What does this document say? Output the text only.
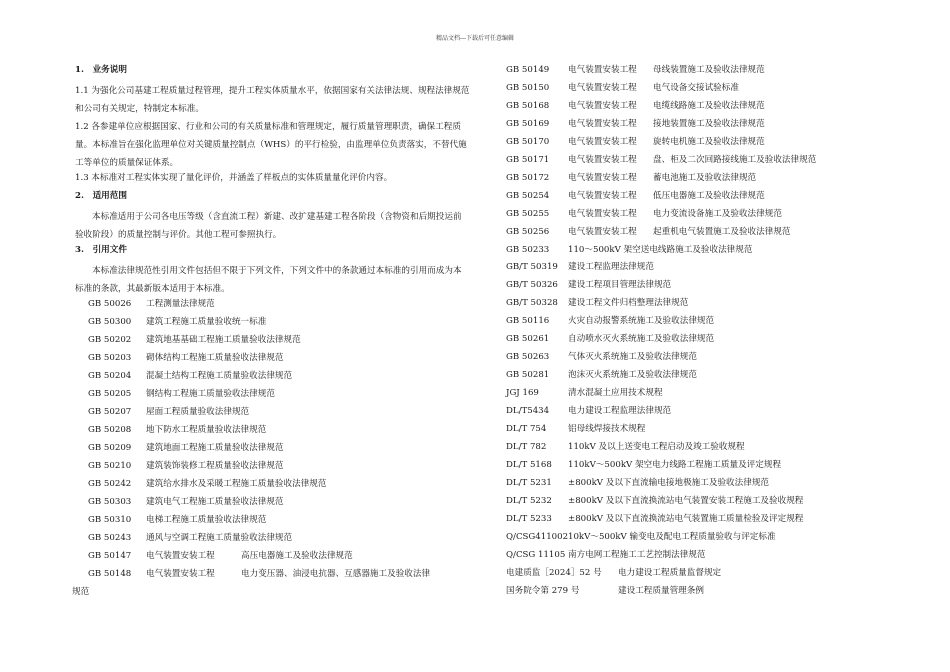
精品文档---下载后可任意编辑
1.　业务说明
1.1 为强化公司基建工程质量过程管理，提升工程实体质量水平，依据国家有关法律法规、规程法律规范和公司有关规定，特制定本标准。
1.2 各参建单位应根据国家、行业和公司的有关质量标准和管理规定，履行质量管理职责，确保工程质量。本标准旨在强化监理单位对关键质量控制点（WHS）的平行检验，由监理单位负责落实，不替代施工等单位的质量保证体系。
1.3 本标准对工程实体实现了量化评价，并涵盖了样板点的实体质量量化评价内容。
2.　适用范围
本标准适用于公司各电压等级（含直流工程）新建、改扩建基建工程各阶段（含物资和后期投运前验收阶段）的质量控制与评价。其他工程可参照执行。
3.　引用文件
本标准法律规范性引用文件包括但不限于下列文件，下列文件中的条款通过本标准的引用而成为本标准的条款，其最新版本适用于本标准。
GB 50026 工程测量法律规范
GB 50300 建筑工程施工质量验收统一标准
GB 50202 建筑地基基础工程施工质量验收法律规范
GB 50203 砌体结构工程施工质量验收法律规范
GB 50204 混凝土结构工程施工质量验收法律规范
GB 50205 钢结构工程施工质量验收法律规范
GB 50207 屋面工程质量验收法律规范
GB 50208 地下防水工程质量验收法律规范
GB 50209 建筑地面工程施工质量验收法律规范
GB 50210 建筑装饰装修工程质量验收法律规范
GB 50242 建筑给水排水及采暖工程施工质量验收法律规范
GB 50303 建筑电气工程施工质量验收法律规范
GB 50310 电梯工程施工质量验收法律规范
GB 50243 通风与空调工程施工质量验收法律规范
GB 50147 电气装置安装工程	高压电器施工及验收法律规范
GB 50148 电气装置安装工程	电力变压器、油浸电抗器、互感器施工及验收法律
规范
GB 50149 电气装置安装工程 母线装置施工及验收法律规范
GB 50150 电气装置安装工程 电气设备交接试验标准
GB 50168 电气装置安装工程 电缆线路施工及验收法律规范
GB 50169 电气装置安装工程 接地装置施工及验收法律规范
GB 50170 电气装置安装工程 旋转电机施工及验收法律规范
GB 50171 电气装置安装工程 盘、柜及二次回路接线施工及验收法律规范
GB 50172 电气装置安装工程 蓄电池施工及验收法律规范
GB 50254 电气装置安装工程 低压电器施工及验收法律规范
GB 50255 电气装置安装工程 电力变流设备施工及验收法律规范
GB 50256 电气装置安装工程 起重机电气装置施工及验收法律规范
GB 50233 110～500kV 架空送电线路施工及验收法律规范
GB/T 50319 建设工程监理法律规范
GB/T 50326 建设工程项目管理法律规范
GB/T 50328 建设工程文件归档整理法律规范
GB 50116 火灾自动报警系统施工及验收法律规范
GB 50261 自动喷水灭火系统施工及验收法律规范
GB 50263 气体灭火系统施工及验收法律规范
GB 50281 泡沫灭火系统施工及验收法律规范
JGJ 169	清水混凝土应用技术规程
DL/T5434 电力建设工程监理法律规范
DL/T 754	铝母线焊接技术规程
DL/T 782	110kV 及以上送变电工程启动及竣工验收规程
DL/T 5168 110kV～500kV 架空电力线路工程施工质量及评定规程
DL/T 5231 ±800kV 及以下直流输电接地极施工及验收法律规范
DL/T 5232 ±800kV 及以下直流换流站电气装置安装工程施工及验收规程
DL/T 5233 ±800kV 及以下直流换流站电气装置施工质量检验及评定规程
Q/CSG41100210kV～500kV 输变电及配电工程质量验收与评定标准
Q/CSG 11105 南方电网工程施工工艺控制法律规范
电建质监［2024］52 号 电力建设工程质量监督规定
国务院令第 279 号	建设工程质量管理条例
